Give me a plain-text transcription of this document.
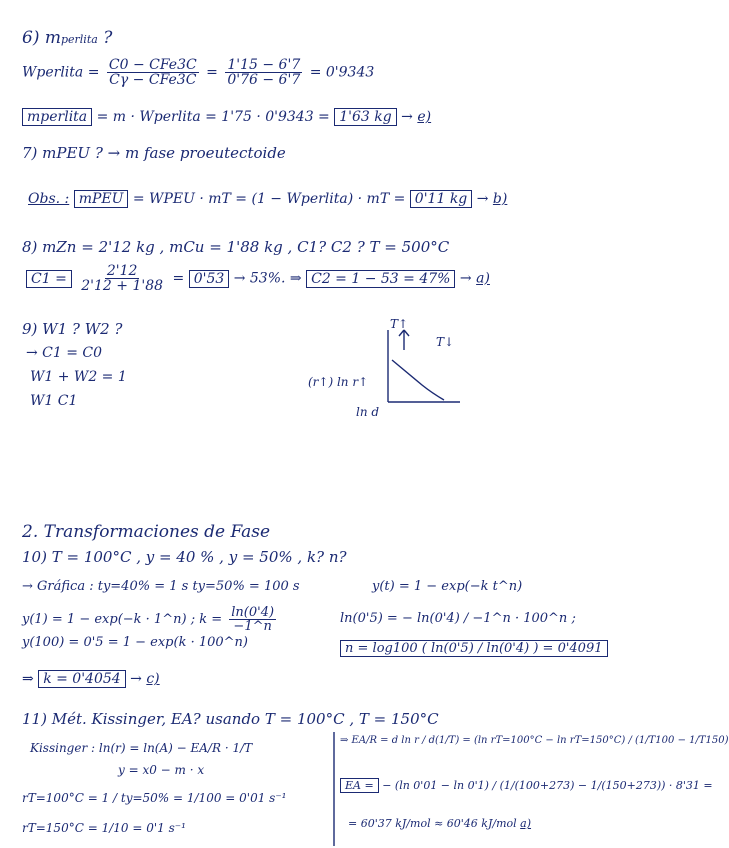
6) mperlita ?
Wperlita = $\frac{\text{C0 − CFe3C}}{\text{Cγ − CFe3C}} = \frac{1'15 - 6'7}{0'76 - 6'7} = 0'9343$
mperlita = m · Wperlita = 1'75 · 0'9343 = 1'63 kg → e)
7) mPEU ? → m fase proeutectoide
Obs. : mPEU = WPEU · mT = (1 − Wperlita) · mT = 0'11 kg → b)
8) mZn = 2'12 kg , mCu = 1'88 kg , C1? C2 ? T = 500°C
$C1 = \frac{2'12}{2'12 + 1'88} = 0'53 \to 53\%$. ⇒ C2 = 1 − 53 = 47% → a)
9) W1 ? W2 ?
→ C1 = C0
W1 + W2 = 1
W1 C1
(r↑) ln r↑
T↑
T↓
ln d
2. Transformaciones de Fase
10) T = 100°C , y = 40 % , y = 50% , k? n?
→ Gráfica : ty=40% = 1 s ty=50% = 100 s	y(t) = 1 − exp(−k t^n)
y(1) = 1 − exp(−k · 1^n) ; $k = \frac{\ln(0'4)}{-1\^{}n}$
y(100) = 0'5 = 1 − exp(k · 100^n)
ln(0'5) = − ln(0'4) / −1^n · 100^n ;
n = log100 ( ln(0'5) / ln(0'4) ) = 0'4091
⇒ k = 0'4054 → c)
11) Mét. Kissinger, EA? usando T = 100°C , T = 150°C
Kissinger : ln(r) = ln(A) − EA/R · 1/T
y = x0 − m · x
rT=100°C = 1 / ty=50% = 1/100 = 0'01 s⁻¹
rT=150°C = 1/10 = 0'1 s⁻¹
⇒ EA/R = d ln r / d(1/T) = (ln rT=100°C − ln rT=150°C) / (1/T100 − 1/T150)
EA = − (ln 0'01 − ln 0'1) / (1/(100+273) − 1/(150+273)) · 8'31 =
= 60'37 kJ/mol ≈ 60'46 kJ/mol a)
